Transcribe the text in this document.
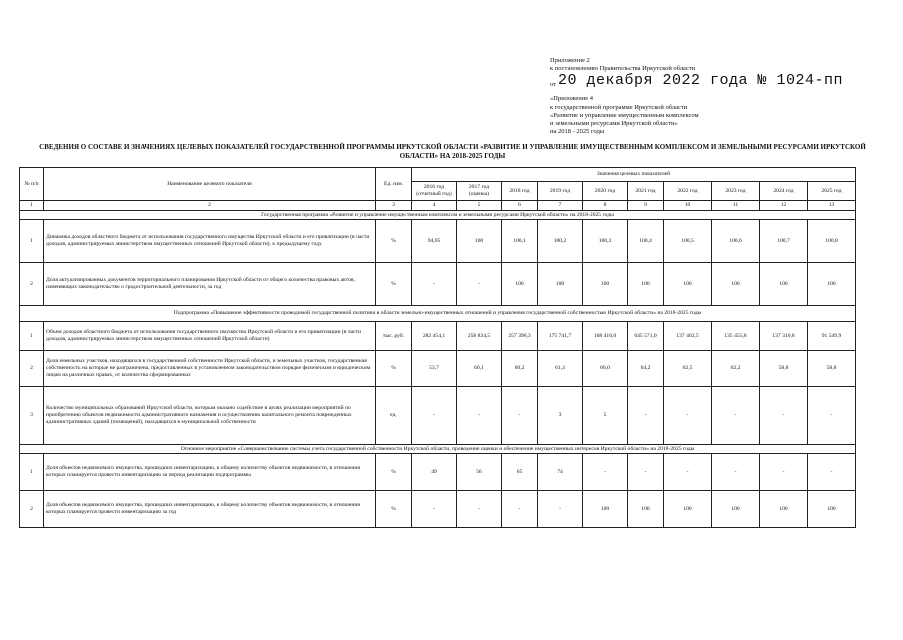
Приложение 2
к постановлению Правительства Иркутской области
от 20 декабря 2022 года № 1024-пп
«Приложение 4
к государственной программе Иркутской области
«Развитие и управление имущественным комплексом
и земельными ресурсами Иркутской области»
на 2018 - 2025 годы
СВЕДЕНИЯ О СОСТАВЕ И ЗНАЧЕНИЯХ ЦЕЛЕВЫХ ПОКАЗАТЕЛЕЙ ГОСУДАРСТВЕННОЙ ПРОГРАММЫ ИРКУТСКОЙ ОБЛАСТИ «РАЗВИТИЕ И УПРАВЛЕНИЕ ИМУЩЕСТВЕННЫМ КОМПЛЕКСОМ И ЗЕМЕЛЬНЫМИ РЕСУРСАМИ ИРКУТСКОЙ ОБЛАСТИ» НА 2018-2025 ГОДЫ
№ п/п	Наименование целевого показателя	Ед. изм.	Значения целевых показателей									
			2016 год (отчетный год)	2017 год (оценка)	2018 год	2019 год	2020 год	2021 год	2022 год	2023 год	2024 год	2025 год
1	2	3	4	5	6	7	8	9	10	11	12	13
Государственная программа «Развитие и управление имущественным комплексом и земельными ресурсами Иркутской области» на 2018-2025 годы												
1	Динамика доходов областного бюджета от использования государственного имущества Иркутской области и его приватизации (в части доходов, администрируемых министерством имущественных отношений Иркутской области), к предыдущему году	%	94,05	100	100,1	100,2	100,3	100,4	100,5	100,6	100,7	100,8
2	Доля актуализированных документов территориального планирования Иркутской области от общего количества правовых актов, изменяющих законодательство о градостроительной деятельности, за год	%	-	-	100	100	100	100	100	100	100	100
Подпрограмма «Повышение эффективности проводимой государственной политики в области земельно-имущественных отношений и управления государственной собственностью Иркутской области» на 2018-2025 годы												
1	Объем доходов областного бюджета от использования государственного имущества Иркутской области и его приватизации (в части доходов, администрируемых министерством имущественных отношений Иркутской области)	тыс. руб.	282 454,1	258 834,5	257 396,3	175 741,7	168 416,0	645 571,0	137 402,5	135 455,8	137 310,8	91 549,9
2	Доля земельных участков, находящихся в государственной собственности Иркутской области, и земельных участков, государственная собственность на которые не разграничена, предоставленных в установленном законодательством порядке физическим и юридическим лицам на различных правах, от количества сформированных	%	53,7	60,1	60,2	61,3	66,0	64,2	62,5	62,2	58,8	58,8
3	Количество муниципальных образований Иркутской области, которым оказано содействие в целях реализации мероприятий по приобретению объектов недвижимости административного назначения и осуществлению капитального ремонта поврежденных административных зданий (помещений), находящихся в муниципальной собственности	ед.	-	-	-	3	5	-	-	-	-	-
Основное мероприятие «Совершенствование системы учета государственной собственности Иркутской области, проведение оценки и обеспечение имущественных интересов Иркутской области» на 2018-2025 годы												
1	Доля объектов недвижимого имущества, прошедших инвентаризацию, к общему количеству объектов недвижимости, в отношении которых планируется провести инвентаризацию за период реализации подпрограммы	%	49	56	65	74	-	-	-	-	-	-
2	Доля объектов недвижимого имущества, прошедших инвентаризацию, к общему количеству объектов недвижимости, в отношении которых планируется провести инвентаризацию за год	%	-	-	-	-	100	100	100	100	100	100
